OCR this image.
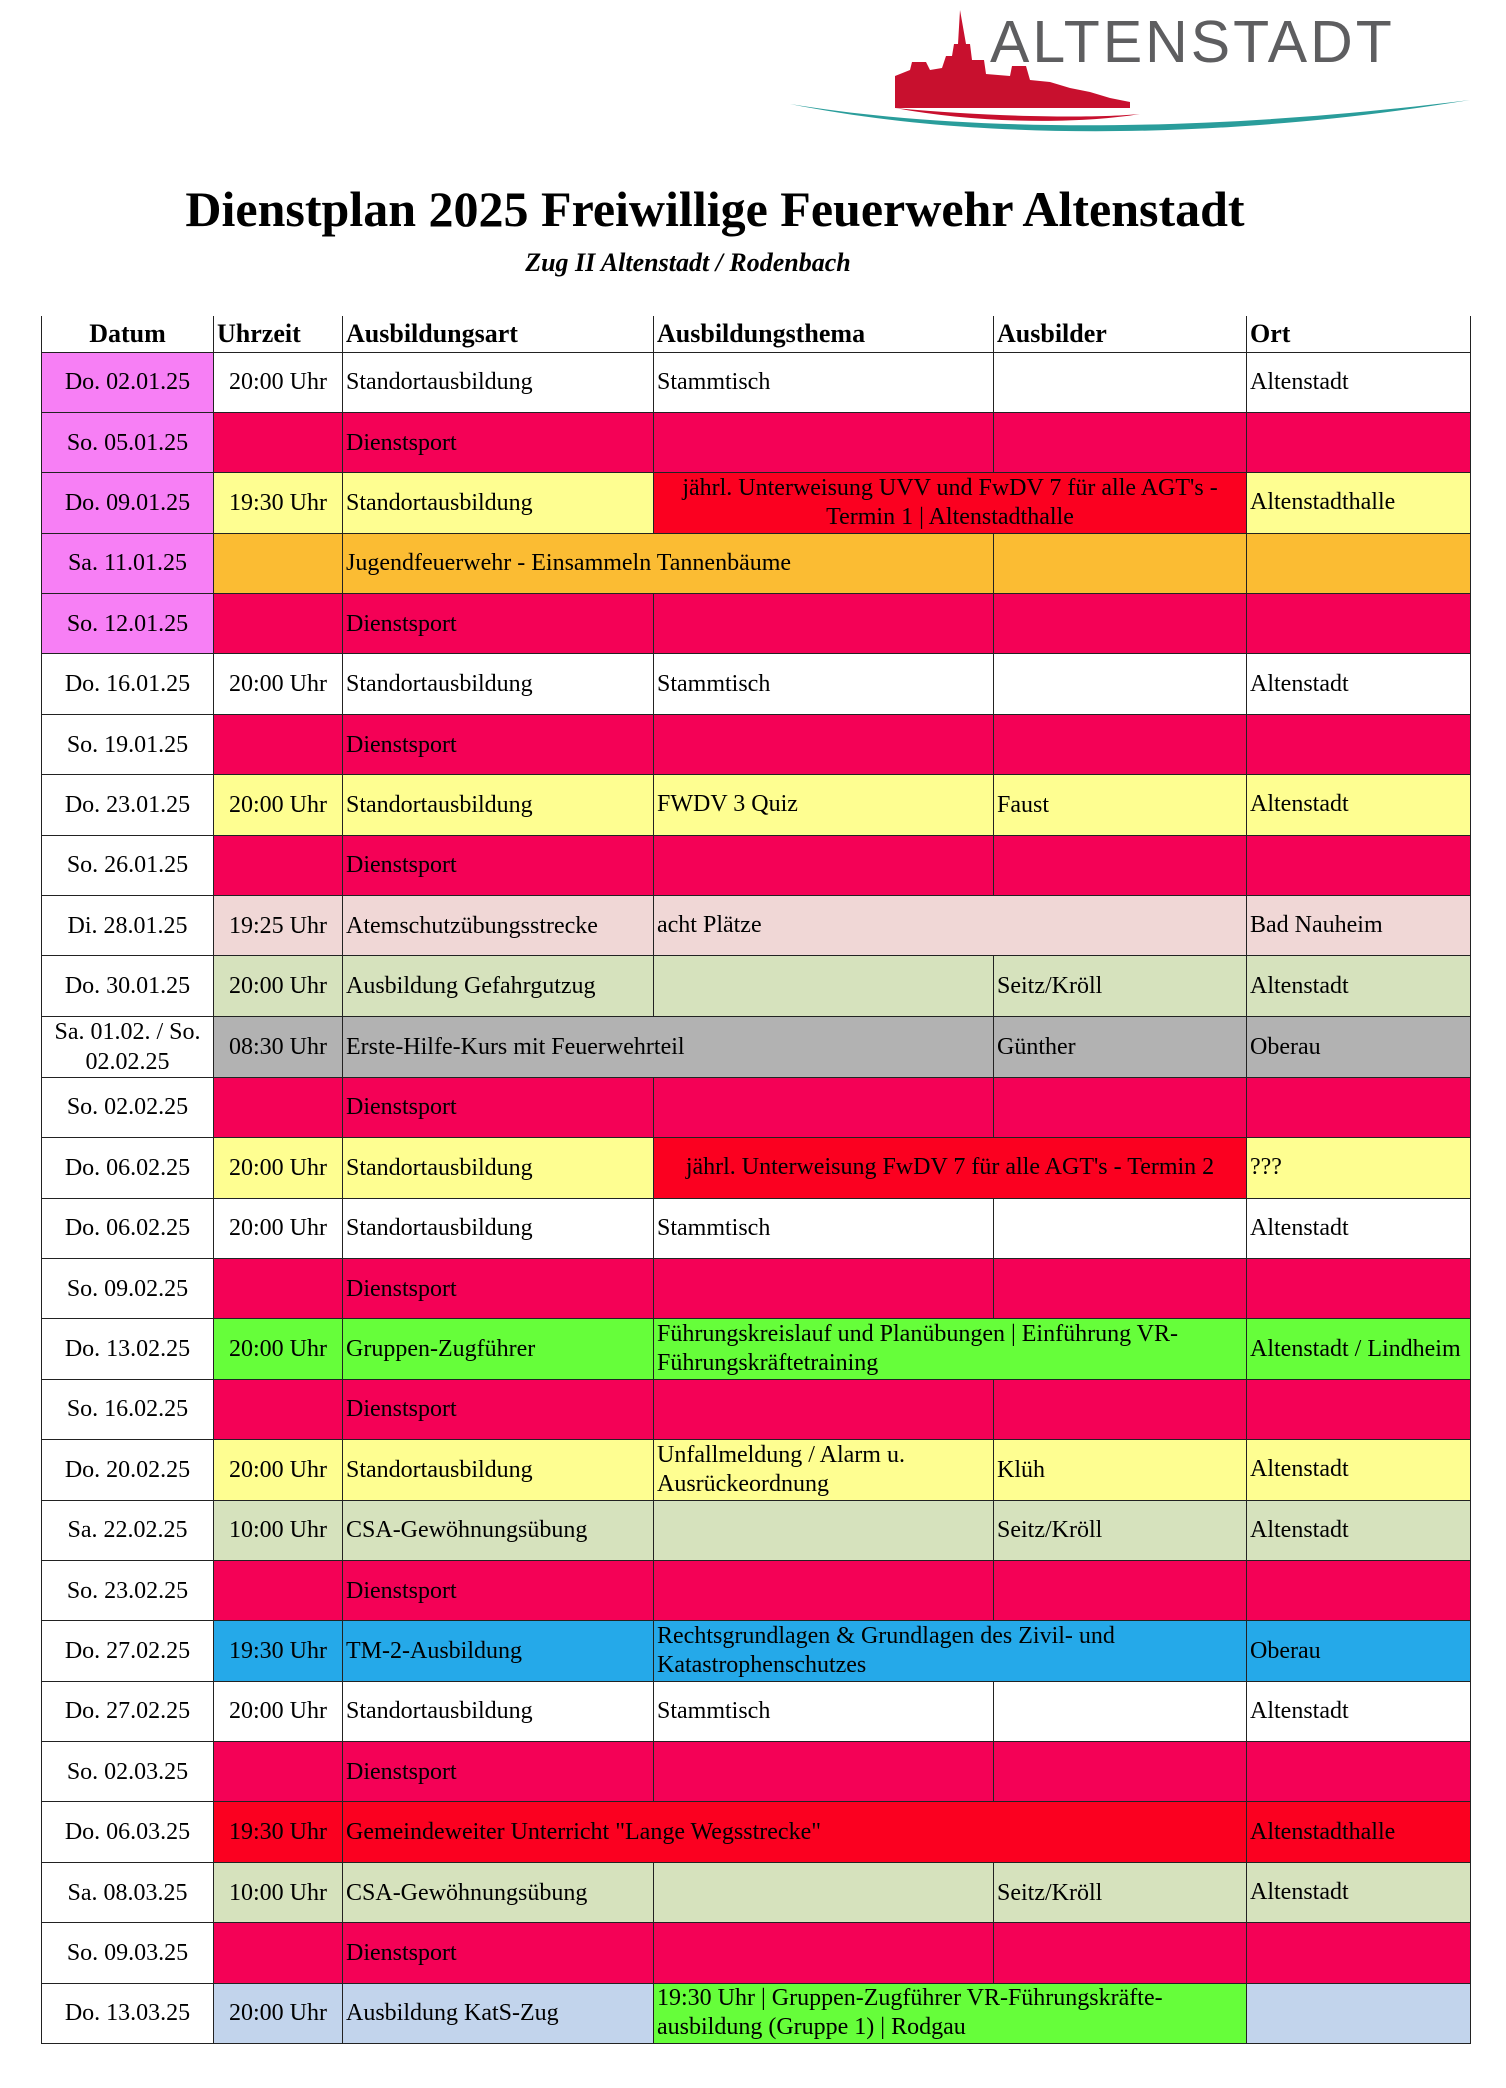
ALTENSTADT
Dienstplan 2025 Freiwillige Feuerwehr Altenstadt
Zug II Altenstadt / Rodenbach
Datum	Uhrzeit	Ausbildungsart	Ausbildungsthema	Ausbilder	Ort
Do. 02.01.25	20:00 Uhr	Standortausbildung	Stammtisch		Altenstadt
So. 05.01.25		Dienstsport			
Do. 09.01.25	19:30 Uhr	Standortausbildung	jährl. Unterweisung UVV und FwDV 7 für alle AGT's - Termin 1 | Altenstadthalle		Altenstadthalle
Sa. 11.01.25		Jugendfeuerwehr - Einsammeln Tannenbäume			
So. 12.01.25		Dienstsport			
Do. 16.01.25	20:00 Uhr	Standortausbildung	Stammtisch		Altenstadt
So. 19.01.25		Dienstsport			
Do. 23.01.25	20:00 Uhr	Standortausbildung	FWDV 3 Quiz	Faust	Altenstadt
So. 26.01.25		Dienstsport			
Di. 28.01.25	19:25 Uhr	Atemschutzübungsstrecke	acht Plätze		Bad Nauheim
Do. 30.01.25	20:00 Uhr	Ausbildung Gefahrgutzug		Seitz/Kröll	Altenstadt
Sa. 01.02. / So. 02.02.25	08:30 Uhr	Erste-Hilfe-Kurs mit Feuerwehrteil		Günther	Oberau
So. 02.02.25		Dienstsport			
Do. 06.02.25	20:00 Uhr	Standortausbildung	jährl. Unterweisung FwDV 7 für alle AGT's - Termin 2		???
Do. 06.02.25	20:00 Uhr	Standortausbildung	Stammtisch		Altenstadt
So. 09.02.25		Dienstsport			
Do. 13.02.25	20:00 Uhr	Gruppen-Zugführer	Führungskreislauf und Planübungen | Einführung VR-Führungskräftetraining		Altenstadt / Lindheim
So. 16.02.25		Dienstsport			
Do. 20.02.25	20:00 Uhr	Standortausbildung	Unfallmeldung / Alarm u. Ausrückeordnung	Klüh	Altenstadt
Sa. 22.02.25	10:00 Uhr	CSA-Gewöhnungsübung		Seitz/Kröll	Altenstadt
So. 23.02.25		Dienstsport			
Do. 27.02.25	19:30 Uhr	TM-2-Ausbildung	Rechtsgrundlagen & Grundlagen des Zivil- und Katastrophenschutzes		Oberau
Do. 27.02.25	20:00 Uhr	Standortausbildung	Stammtisch		Altenstadt
So. 02.03.25		Dienstsport			
Do. 06.03.25	19:30 Uhr	Gemeindeweiter Unterricht "Lange Wegsstrecke"			Altenstadthalle
Sa. 08.03.25	10:00 Uhr	CSA-Gewöhnungsübung		Seitz/Kröll	Altenstadt
So. 09.03.25		Dienstsport			
Do. 13.03.25	20:00 Uhr	Ausbildung KatS-Zug	19:30 Uhr | Gruppen-Zugführer VR-Führungskräfte-ausbildung (Gruppe 1) | Rodgau		
